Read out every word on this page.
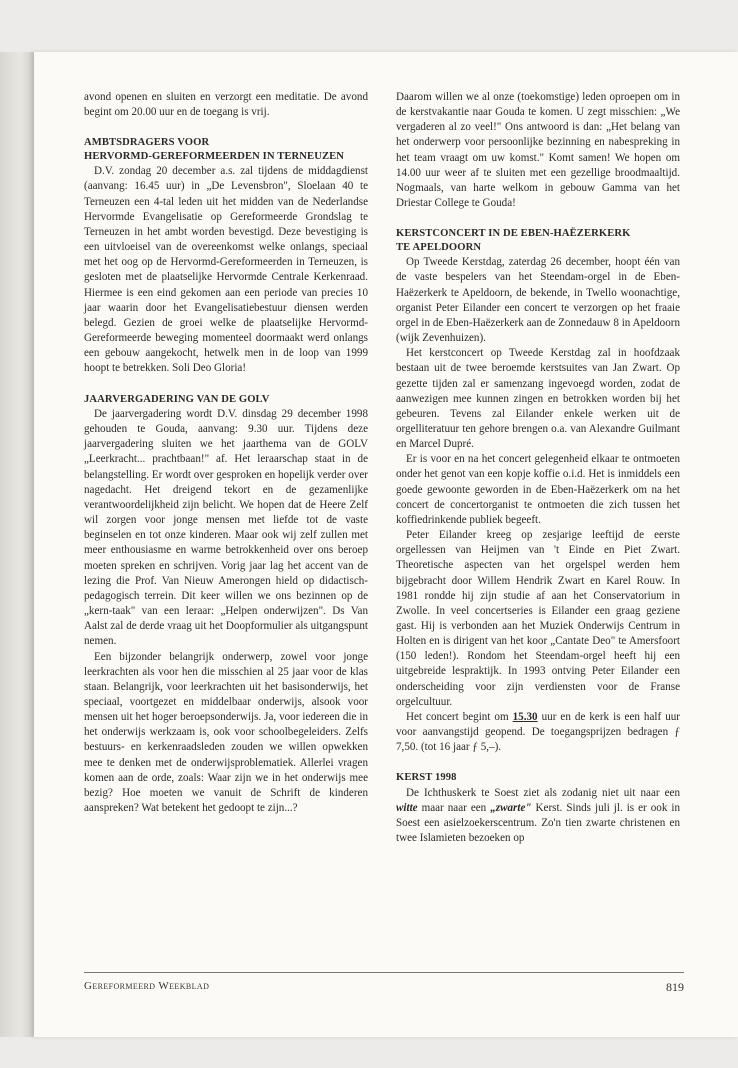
avond openen en sluiten en verzorgt een meditatie. De avond begint om 20.00 uur en de toegang is vrij.

AMBTSDRAGERS VOOR
HERVORMD-GEREFORMEERDEN IN TERNEUZEN

D.V. zondag 20 december a.s. zal tijdens de middagdienst (aanvang: 16.45 uur) in „De Levensbron", Sloelaan 40 te Terneuzen een 4-tal leden uit het midden van de Nederlandse Hervormde Evangelisatie op Gereformeerde Grondslag te Terneuzen in het ambt worden bevestigd. Deze bevestiging is een uitvloeisel van de overeenkomst welke onlangs, speciaal met het oog op de Hervormd-Gereformeerden in Terneuzen, is gesloten met de plaatselijke Hervormde Centrale Kerkenraad. Hiermee is een eind gekomen aan een periode van precies 10 jaar waarin door het Evangelisatiebestuur diensen werden belegd. Gezien de groei welke de plaatselijke Hervormd-Gereformeerde beweging momenteel doormaakt werd onlangs een gebouw aangekocht, hetwelk men in de loop van 1999 hoopt te betrekken. Soli Deo Gloria!

JAARVERGADERING VAN DE GOLV

De jaarvergadering wordt D.V. dinsdag 29 december 1998 gehouden te Gouda, aanvang: 9.30 uur. Tijdens deze jaarvergadering sluiten we het jaarthema van de GOLV „Leerkracht... prachtbaan!" af. Het leraarschap staat in de belangstelling. Er wordt over gesproken en hopelijk verder over nagedacht. Het dreigend tekort en de gezamenlijke verantwoordelijkheid zijn belicht. We hopen dat de Heere Zelf wil zorgen voor jonge mensen met liefde tot de vaste beginselen en tot onze kinderen. Maar ook wij zelf zullen met meer enthousiasme en warme betrokkenheid over ons beroep moeten spreken en schrijven. Vorig jaar lag het accent van de lezing die Prof. Van Nieuw Amerongen hield op didactisch-pedagogisch terrein. Dit keer willen we ons bezinnen op de „kern-taak" van een leraar: „Helpen onderwijzen". Ds Van Aalst zal de derde vraag uit het Doopformulier als uitgangspunt nemen.

Een bijzonder belangrijk onderwerp, zowel voor jonge leerkrachten als voor hen die misschien al 25 jaar voor de klas staan. Belangrijk, voor leerkrachten uit het basisonderwijs, het speciaal, voortgezet en middelbaar onderwijs, alsook voor mensen uit het hoger beroepsonderwijs. Ja, voor iedereen die in het onderwijs werkzaam is, ook voor schoolbegeleiders. Zelfs bestuurs- en kerkenraadsleden zouden we willen opwekken mee te denken met de onderwijsproblematiek. Allerlei vragen komen aan de orde, zoals: Waar zijn we in het onderwijs mee bezig? Hoe moeten we vanuit de Schrift de kinderen aanspreken? Wat betekent het gedoopt te zijn...?

Daarom willen we al onze (toekomstige) leden oproepen om in de kerstvakantie naar Gouda te komen. U zegt misschien: „We vergaderen al zo veel!" Ons antwoord is dan: „Het belang van het onderwerp voor persoonlijke bezinning en nabespreking in het team vraagt om uw komst." Komt samen! We hopen om 14.00 uur weer af te sluiten met een gezellige broodmaaltijd. Nogmaals, van harte welkom in gebouw Gamma van het Driestar College te Gouda!

KERSTCONCERT IN DE EBEN-HAËZERKERK
TE APELDOORN

Op Tweede Kerstdag, zaterdag 26 december, hoopt één van de vaste bespelers van het Steendam-orgel in de Eben-Haëzerkerk te Apeldoorn, de bekende, in Twello woonachtige, organist Peter Eilander een concert te verzorgen op het fraaie orgel in de Eben-Haëzerkerk aan de Zonnedauw 8 in Apeldoorn (wijk Zevenhuizen).

Het kerstconcert op Tweede Kerstdag zal in hoofdzaak bestaan uit de twee beroemde kerstsuites van Jan Zwart. Op gezette tijden zal er samenzang ingevoegd worden, zodat de aanwezigen mee kunnen zingen en betrokken worden bij het gebeuren. Tevens zal Eilander enkele werken uit de orgelliteratuur ten gehore brengen o.a. van Alexandre Guilmant en Marcel Dupré.

Er is voor en na het concert gelegenheid elkaar te ontmoeten onder het genot van een kopje koffie o.i.d. Het is inmiddels een goede gewoonte geworden in de Eben-Haëzerkerk om na het concert de concertorganist te ontmoeten die zich tussen het koffiedrinkende publiek begeeft.

Peter Eilander kreeg op zesjarige leeftijd de eerste orgellessen van Heijmen van 't Einde en Piet Zwart. Theoretische aspecten van het orgelspel werden hem bijgebracht door Willem Hendrik Zwart en Karel Rouw. In 1981 rondde hij zijn studie af aan het Conservatorium in Zwolle. In veel concertseries is Eilander een graag geziene gast. Hij is verbonden aan het Muziek Onderwijs Centrum in Holten en is dirigent van het koor „Cantate Deo" te Amersfoort (150 leden!). Rondom het Steendam-orgel heeft hij een uitgebreide lespraktijk. In 1993 ontving Peter Eilander een onderscheiding voor zijn verdiensten voor de Franse orgelcultuur.

Het concert begint om 15.30 uur en de kerk is een half uur voor aanvangstijd geopend. De toegangsprijzen bedragen ƒ 7,50. (tot 16 jaar ƒ 5,–).

KERST 1998

De Ichthuskerk te Soest ziet als zodanig niet uit naar een witte maar naar een „zwarte" Kerst. Sinds juli jl. is er ook in Soest een asielzoekerscentrum. Zo'n tien zwarte christenen en twee Islamieten bezoeken op

Gereformeerd Weekblad	819
